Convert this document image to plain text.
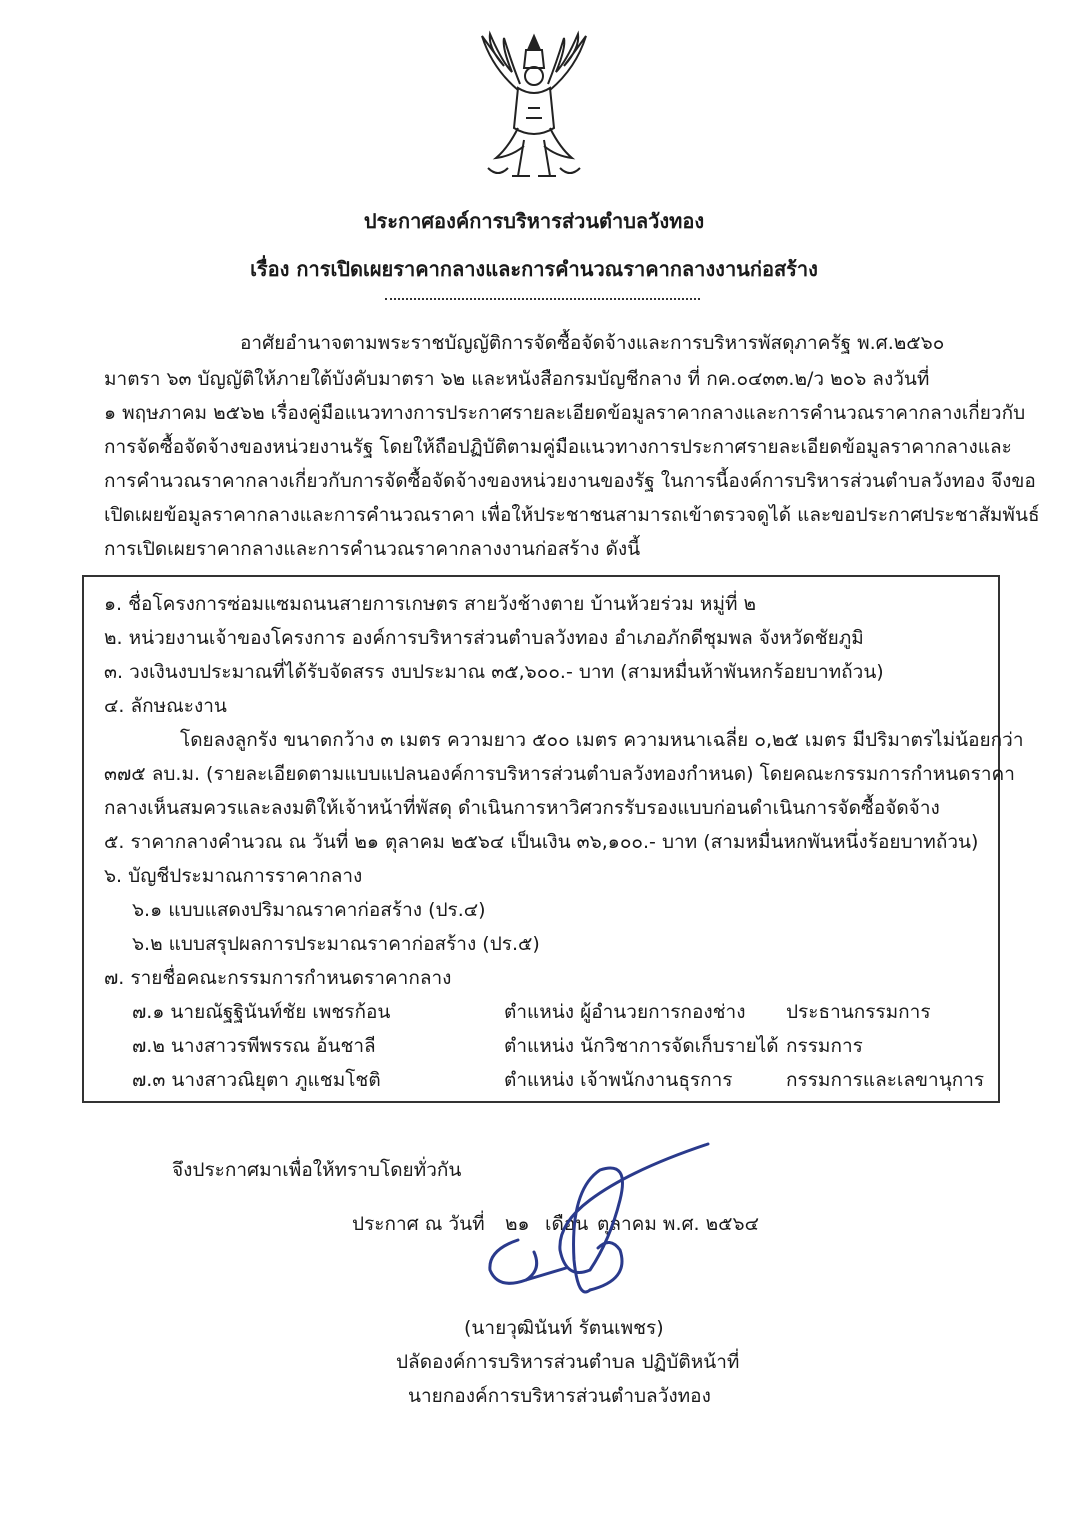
ประกาศองค์การบริหารส่วนตำบลวังทอง
เรื่อง การเปิดเผยราคากลางและการคำนวณราคากลางงานก่อสร้าง
อาศัยอำนาจตามพระราชบัญญัติการจัดซื้อจัดจ้างและการบริหารพัสดุภาครัฐ พ.ศ.๒๕๖๐
มาตรา ๖๓ บัญญัติให้ภายใต้บังคับมาตรา ๖๒ และหนังสือกรมบัญชีกลาง ที่ กค.๐๔๓๓.๒/ว ๒๐๖ ลงวันที่
๑ พฤษภาคม ๒๕๖๒ เรื่องคู่มือแนวทางการประกาศรายละเอียดข้อมูลราคากลางและการคำนวณราคากลางเกี่ยวกับ
การจัดซื้อจัดจ้างของหน่วยงานรัฐ โดยให้ถือปฏิบัติตามคู่มือแนวทางการประกาศรายละเอียดข้อมูลราคากลางและ
การคำนวณราคากลางเกี่ยวกับการจัดซื้อจัดจ้างของหน่วยงานของรัฐ ในการนี้องค์การบริหารส่วนตำบลวังทอง จึงขอ
เปิดเผยข้อมูลราคากลางและการคำนวณราคา เพื่อให้ประชาชนสามารถเข้าตรวจดูได้ และขอประกาศประชาสัมพันธ์
การเปิดเผยราคากลางและการคำนวณราคากลางงานก่อสร้าง ดังนี้
๑. ชื่อโครงการซ่อมแซมถนนสายการเกษตร สายวังช้างตาย บ้านห้วยร่วม หมู่ที่ ๒
๒. หน่วยงานเจ้าของโครงการ องค์การบริหารส่วนตำบลวังทอง อำเภอภักดีชุมพล จังหวัดชัยภูมิ
๓. วงเงินงบประมาณที่ได้รับจัดสรร งบประมาณ ๓๕,๖๐๐.- บาท (สามหมื่นห้าพันหกร้อยบาทถ้วน)
๔. ลักษณะงาน
โดยลงลูกรัง ขนาดกว้าง ๓ เมตร ความยาว ๕๐๐ เมตร ความหนาเฉลี่ย ๐,๒๕ เมตร มีปริมาตรไม่น้อยกว่า
๓๗๕ ลบ.ม. (รายละเอียดตามแบบแปลนองค์การบริหารส่วนตำบลวังทองกำหนด) โดยคณะกรรมการกำหนดราคา
กลางเห็นสมควรและลงมติให้เจ้าหน้าที่พัสดุ ดำเนินการหาวิศวกรรับรองแบบก่อนดำเนินการจัดซื้อจัดจ้าง
๕. ราคากลางคำนวณ ณ วันที่ ๒๑ ตุลาคม ๒๕๖๔ เป็นเงิน ๓๖,๑๐๐.- บาท (สามหมื่นหกพันหนึ่งร้อยบาทถ้วน)
๖. บัญชีประมาณการราคากลาง
๖.๑ แบบแสดงปริมาณราคาก่อสร้าง (ปร.๔)
๖.๒ แบบสรุปผลการประมาณราคาก่อสร้าง (ปร.๕)
๗. รายชื่อคณะกรรมการกำหนดราคากลาง
๗.๑ นายณัฐฐินันท์ชัย เพชรก้อน	ตำแหน่ง ผู้อำนวยการกองช่าง ประธานกรรมการ
๗.๒ นางสาวรพีพรรณ อ้นชาลี	ตำแหน่ง นักวิชาการจัดเก็บรายได้ กรรมการ
๗.๓ นางสาวณิยุตา ภูแชมโชติ	ตำแหน่ง เจ้าพนักงานธุรการ	กรรมการและเลขานุการ
จึงประกาศมาเพื่อให้ทราบโดยทั่วกัน
ประกาศ ณ วันที่ ๒๑ เดือน ตุลาคม พ.ศ. ๒๕๖๔
(นายวุฒินันท์ รัตนเพชร)
ปลัดองค์การบริหารส่วนตำบล ปฏิบัติหน้าที่
นายกองค์การบริหารส่วนตำบลวังทอง
